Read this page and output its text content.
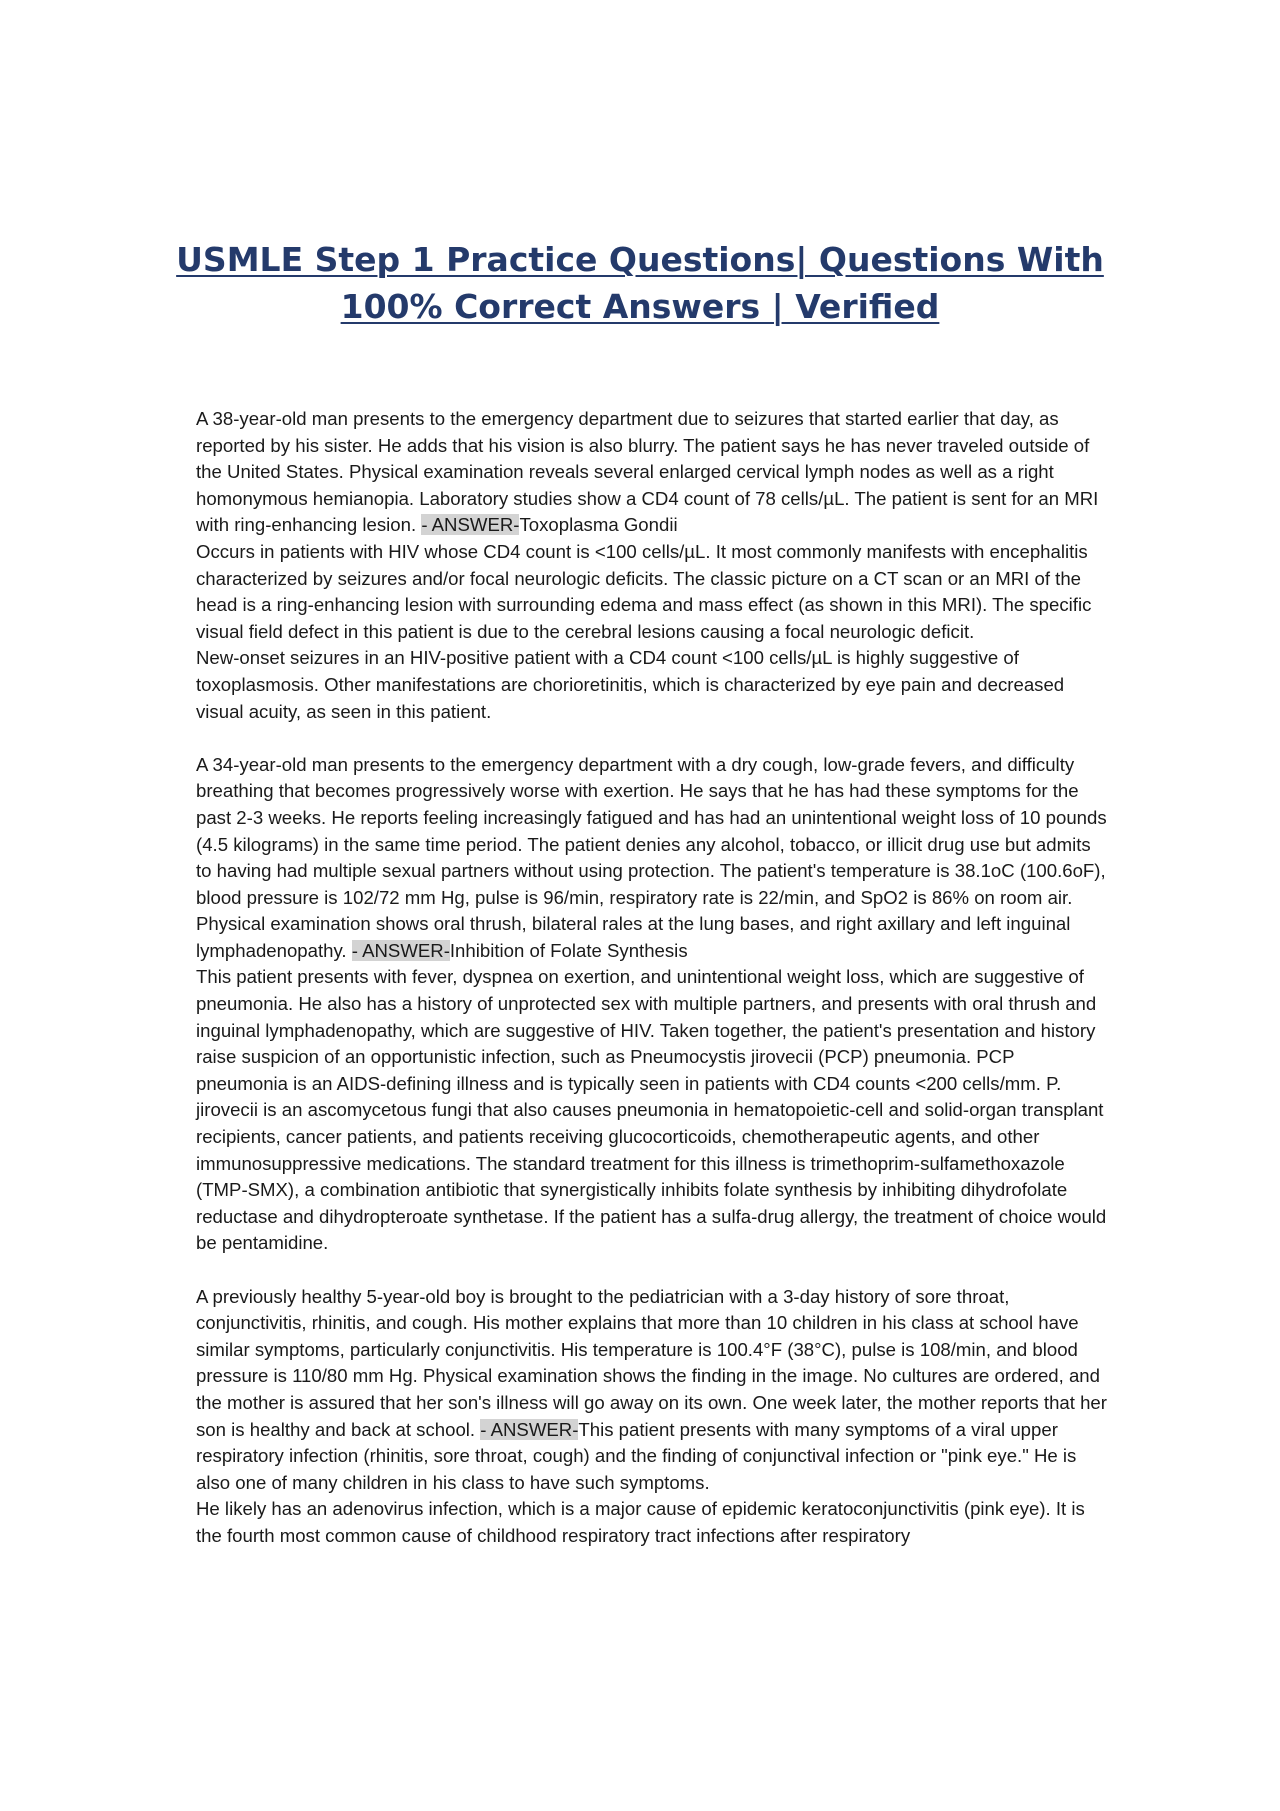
USMLE Step 1 Practice Questions| Questions With
100% Correct Answers | Verified

A 38-year-old man presents to the emergency department due to seizures that started earlier that day, as reported by his sister. He adds that his vision is also blurry. The patient says he has never traveled outside of the United States. Physical examination reveals several enlarged cervical lymph nodes as well as a right homonymous hemianopia. Laboratory studies show a CD4 count of 78 cells/µL. The patient is sent for an MRI with ring-enhancing lesion. - ANSWER-Toxoplasma Gondii

Occurs in patients with HIV whose CD4 count is <100 cells/µL. It most commonly manifests with encephalitis characterized by seizures and/or focal neurologic deficits. The classic picture on a CT scan or an MRI of the head is a ring-enhancing lesion with surrounding edema and mass effect (as shown in this MRI). The specific visual field defect in this patient is due to the cerebral lesions causing a focal neurologic deficit.

New-onset seizures in an HIV-positive patient with a CD4 count <100 cells/µL is highly suggestive of toxoplasmosis. Other manifestations are chorioretinitis, which is characterized by eye pain and decreased visual acuity, as seen in this patient.

A 34-year-old man presents to the emergency department with a dry cough, low-grade fevers, and difficulty breathing that becomes progressively worse with exertion. He says that he has had these symptoms for the past 2-3 weeks. He reports feeling increasingly fatigued and has had an unintentional weight loss of 10 pounds (4.5 kilograms) in the same time period. The patient denies any alcohol, tobacco, or illicit drug use but admits to having had multiple sexual partners without using protection. The patient's temperature is 38.1oC (100.6oF), blood pressure is 102/72 mm Hg, pulse is 96/min, respiratory rate is 22/min, and SpO2 is 86% on room air. Physical examination shows oral thrush, bilateral rales at the lung bases, and right axillary and left inguinal lymphadenopathy. - ANSWER-Inhibition of Folate Synthesis

This patient presents with fever, dyspnea on exertion, and unintentional weight loss, which are suggestive of pneumonia. He also has a history of unprotected sex with multiple partners, and presents with oral thrush and inguinal lymphadenopathy, which are suggestive of HIV. Taken together, the patient's presentation and history raise suspicion of an opportunistic infection, such as Pneumocystis jirovecii (PCP) pneumonia. PCP pneumonia is an AIDS-defining illness and is typically seen in patients with CD4 counts <200 cells/mm. P. jirovecii is an ascomycetous fungi that also causes pneumonia in hematopoietic-cell and solid-organ transplant recipients, cancer patients, and patients receiving glucocorticoids, chemotherapeutic agents, and other immunosuppressive medications. The standard treatment for this illness is trimethoprim-sulfamethoxazole (TMP-SMX), a combination antibiotic that synergistically inhibits folate synthesis by inhibiting dihydrofolate reductase and dihydropteroate synthetase. If the patient has a sulfa-drug allergy, the treatment of choice would be pentamidine.

A previously healthy 5-year-old boy is brought to the pediatrician with a 3-day history of sore throat, conjunctivitis, rhinitis, and cough. His mother explains that more than 10 children in his class at school have similar symptoms, particularly conjunctivitis. His temperature is 100.4°F (38°C), pulse is 108/min, and blood pressure is 110/80 mm Hg. Physical examination shows the finding in the image. No cultures are ordered, and the mother is assured that her son's illness will go away on its own. One week later, the mother reports that her son is healthy and back at school. - ANSWER-This patient presents with many symptoms of a viral upper respiratory infection (rhinitis, sore throat, cough) and the finding of conjunctival infection or "pink eye." He is also one of many children in his class to have such symptoms.

He likely has an adenovirus infection, which is a major cause of epidemic keratoconjunctivitis (pink eye). It is the fourth most common cause of childhood respiratory tract infections after respiratory
